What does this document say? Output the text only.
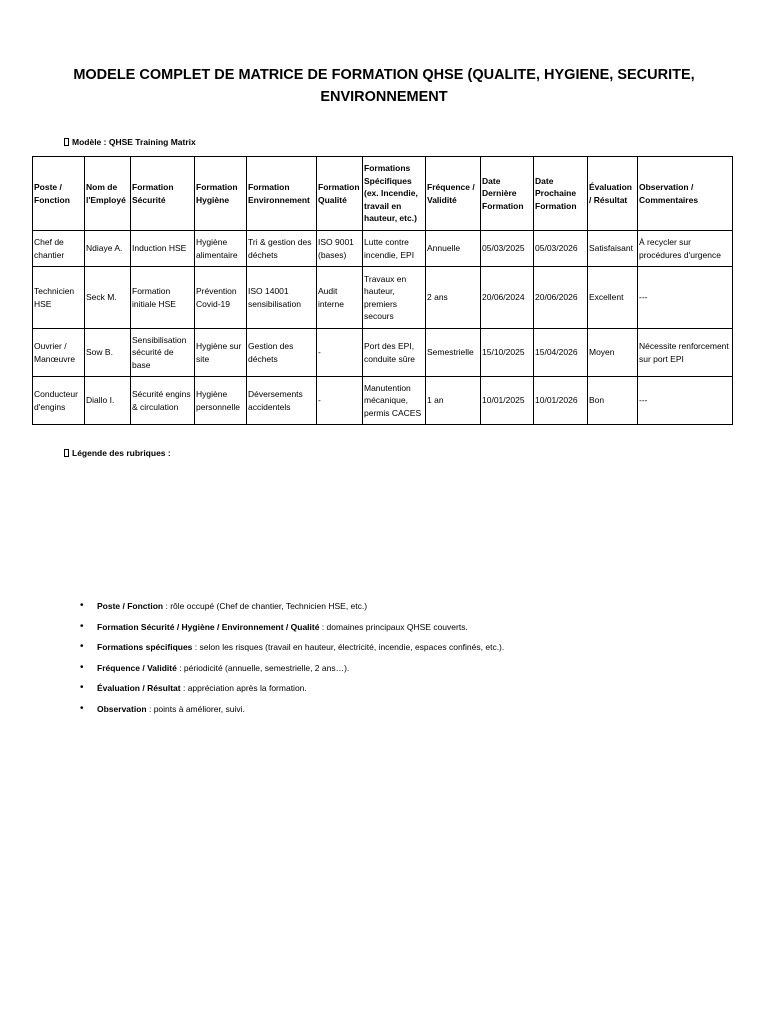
MODELE COMPLET DE MATRICE DE FORMATION QHSE (QUALITE, HYGIENE, SECURITE,
ENVIRONNEMENT
Modèle : QHSE Training Matrix
Poste / Fonction	Nom de l'Employé	Formation Sécurité	Formation Hygiène	Formation Environnement	Formation Qualité	Formations Spécifiques (ex. Incendie, travail en hauteur, etc.)	Fréquence / Validité	Date Dernière Formation	Date Prochaine Formation	Évaluation / Résultat	Observation / Commentaires
Chef de chantier	Ndiaye A.	Induction HSE	Hygiène alimentaire	Tri & gestion des déchets	ISO 9001 (bases)	Lutte contre incendie, EPI	Annuelle	05/03/2025	05/03/2026	Satisfaisant	À recycler sur procédures d'urgence
Technicien HSE	Seck M.	Formation initiale HSE	Prévention Covid-19	ISO 14001 sensibilisation	Audit interne	Travaux en hauteur, premiers secours	2 ans	20/06/2024	20/06/2026	Excellent	---
Ouvrier / Manœuvre	Sow B.	Sensibilisation sécurité de base	Hygiène sur site	Gestion des déchets	-	Port des EPI, conduite sûre	Semestrielle	15/10/2025	15/04/2026	Moyen	Nécessite renforcement sur port EPI
Conducteur d'engins	Diallo I.	Sécurité engins & circulation	Hygiène personnelle	Déversements accidentels	-	Manutention mécanique, permis CACES	1 an	10/01/2025	10/01/2026	Bon	---
Légende des rubriques :
• Poste / Fonction : rôle occupé (Chef de chantier, Technicien HSE, etc.)
• Formation Sécurité / Hygiène / Environnement / Qualité : domaines principaux QHSE couverts.
• Formations spécifiques : selon les risques (travail en hauteur, électricité, incendie, espaces confinés, etc.).
• Fréquence / Validité : périodicité (annuelle, semestrielle, 2 ans…).
• Évaluation / Résultat : appréciation après la formation.
• Observation : points à améliorer, suivi.
